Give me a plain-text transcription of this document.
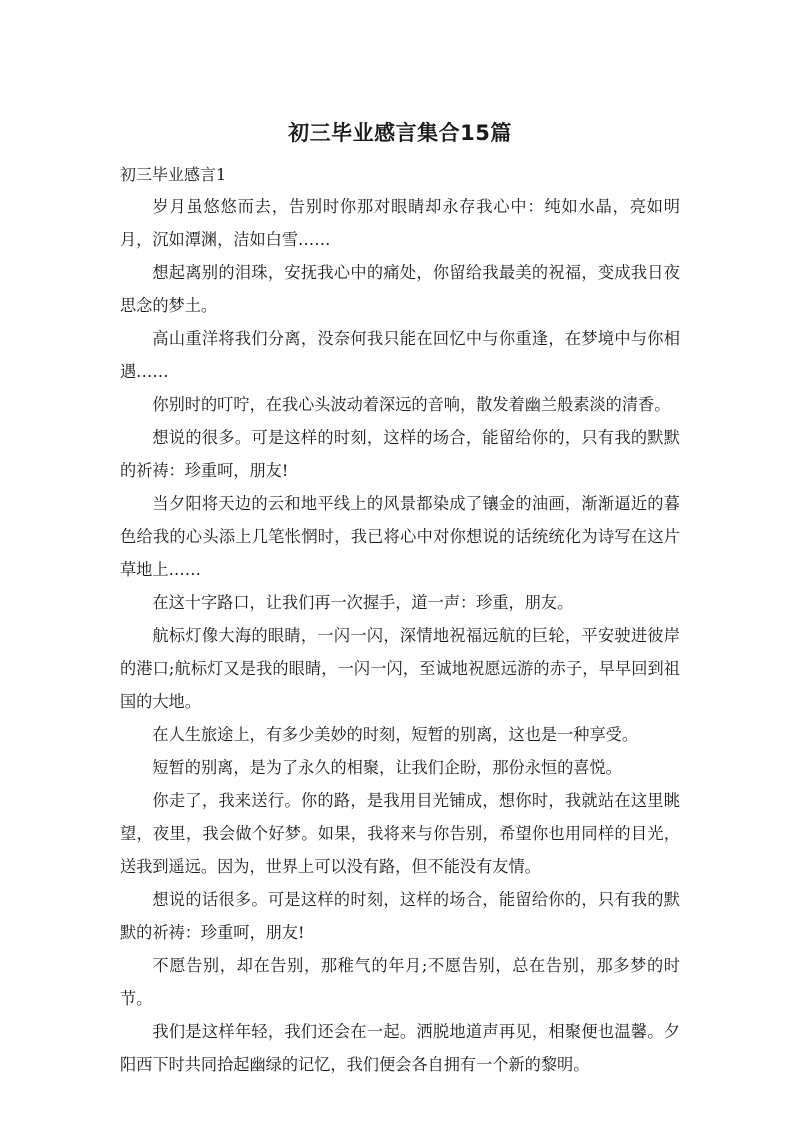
初三毕业感言集合15篇

初三毕业感言1

岁月虽悠悠而去，告别时你那对眼睛却永存我心中：纯如水晶，亮如明月，沉如潭渊，洁如白雪……

想起离别的泪珠，安抚我心中的痛处，你留给我最美的祝福，变成我日夜思念的梦土。

高山重洋将我们分离，没奈何我只能在回忆中与你重逢，在梦境中与你相遇……

你别时的叮咛，在我心头波动着深远的音响，散发着幽兰般素淡的清香。

想说的很多。可是这样的时刻，这样的场合，能留给你的，只有我的默默的祈祷：珍重呵，朋友!

当夕阳将天边的云和地平线上的风景都染成了镶金的油画，渐渐逼近的暮色给我的心头添上几笔怅惘时，我已将心中对你想说的话统统化为诗写在这片草地上……

在这十字路口，让我们再一次握手，道一声：珍重，朋友。

航标灯像大海的眼睛，一闪一闪，深情地祝福远航的巨轮，平安驶进彼岸的港口;航标灯又是我的眼睛，一闪一闪，至诚地祝愿远游的赤子，早早回到祖国的大地。

在人生旅途上，有多少美妙的时刻，短暂的别离，这也是一种享受。

短暂的别离，是为了永久的相聚，让我们企盼，那份永恒的喜悦。

你走了，我来送行。你的路，是我用目光铺成，想你时，我就站在这里眺望，夜里，我会做个好梦。如果，我将来与你告别，希望你也用同样的目光，送我到遥远。因为，世界上可以没有路，但不能没有友情。

想说的话很多。可是这样的时刻，这样的场合，能留给你的，只有我的默默的祈祷：珍重呵，朋友!

不愿告别，却在告别，那稚气的年月;不愿告别，总在告别，那多梦的时节。

我们是这样年轻，我们还会在一起。洒脱地道声再见，相聚便也温馨。夕阳西下时共同拾起幽绿的记忆，我们便会各自拥有一个新的黎明。
